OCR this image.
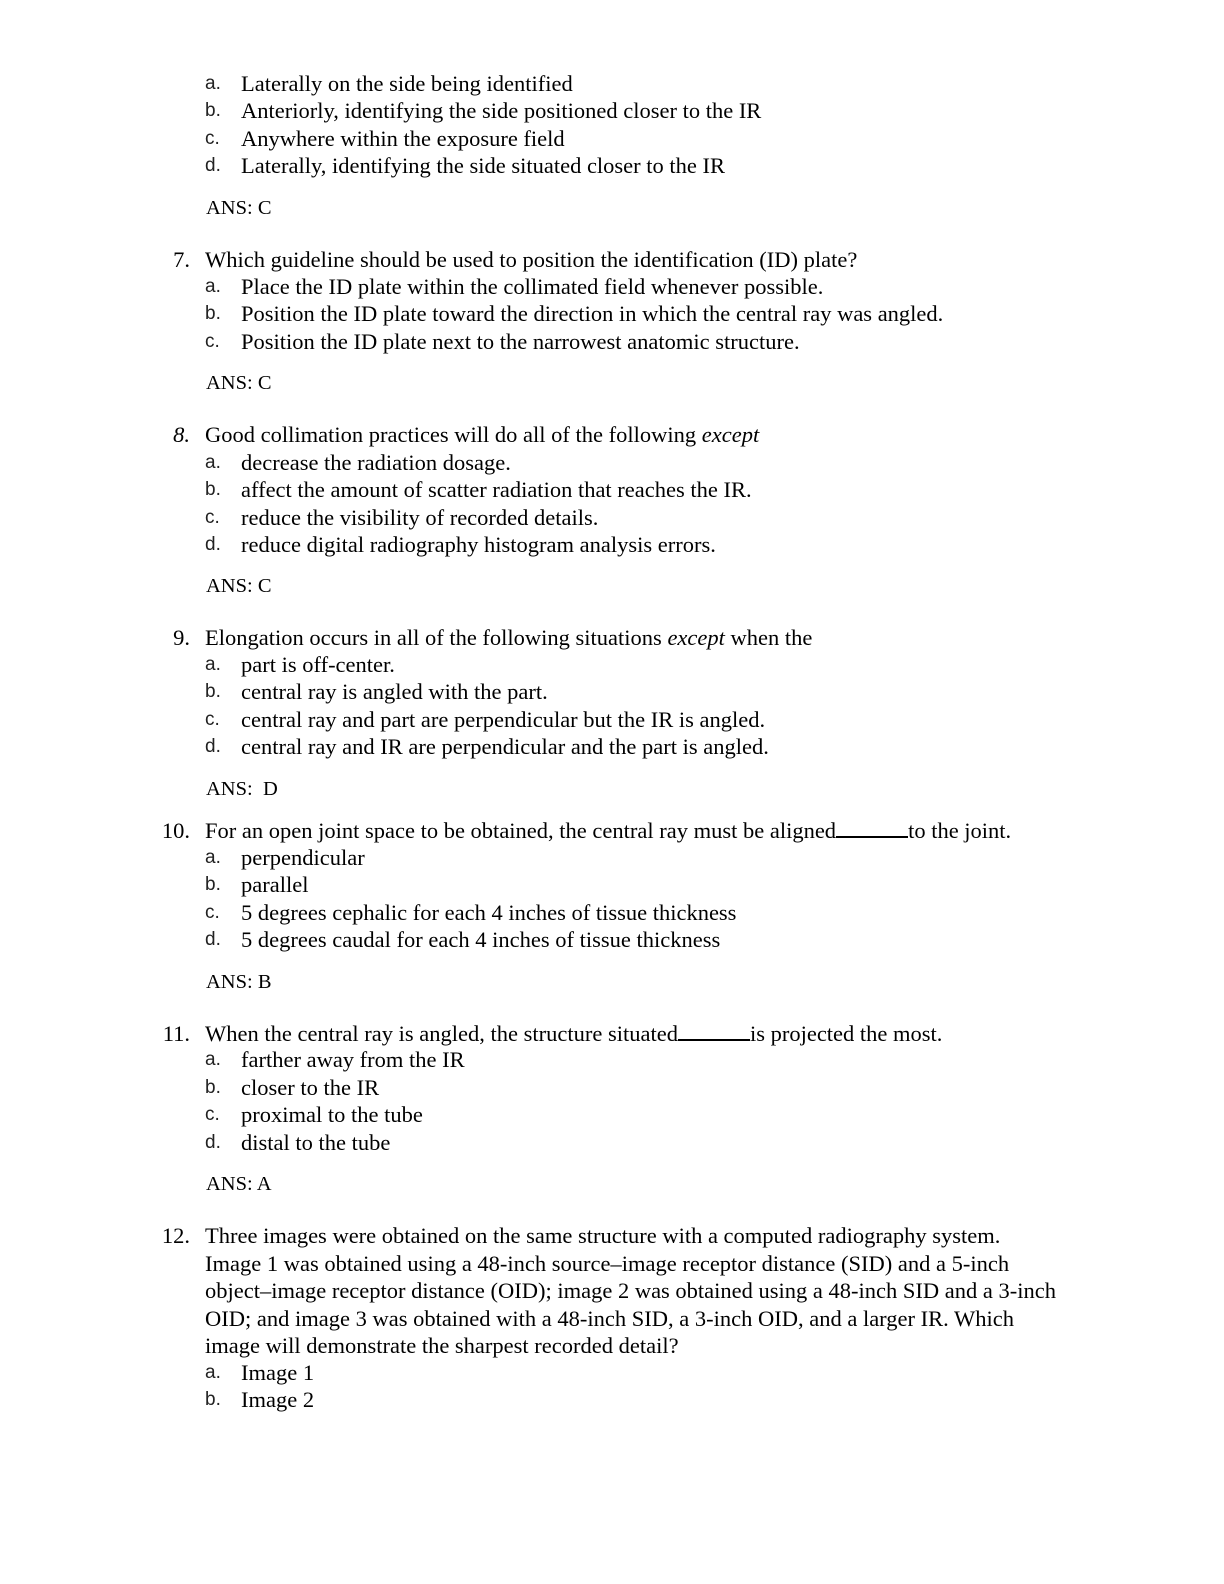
a. Laterally on the side being identified
b. Anteriorly, identifying the side positioned closer to the IR
c. Anywhere within the exposure field
d. Laterally, identifying the side situated closer to the IR
ANS: C
7. Which guideline should be used to position the identification (ID) plate?
a. Place the ID plate within the collimated field whenever possible.
b. Position the ID plate toward the direction in which the central ray was angled.
c. Position the ID plate next to the narrowest anatomic structure.
ANS: C
8. Good collimation practices will do all of the following except
a. decrease the radiation dosage.
b. affect the amount of scatter radiation that reaches the IR.
c. reduce the visibility of recorded details.
d. reduce digital radiography histogram analysis errors.
ANS: C
9. Elongation occurs in all of the following situations except when the
a. part is off-center.
b. central ray is angled with the part.
c. central ray and part are perpendicular but the IR is angled.
d. central ray and IR are perpendicular and the part is angled.
ANS:  D
10. For an open joint space to be obtained, the central ray must be aligned	to the joint.
a. perpendicular
b. parallel
c. 5 degrees cephalic for each 4 inches of tissue thickness
d. 5 degrees caudal for each 4 inches of tissue thickness
ANS: B
11. When the central ray is angled, the structure situated	is projected the most.
a. farther away from the IR
b. closer to the IR
c. proximal to the tube
d. distal to the tube
ANS: A
12. Three images were obtained on the same structure with a computed radiography system.
Image 1 was obtained using a 48-inch source–image receptor distance (SID) and a 5-inch
object–image receptor distance (OID); image 2 was obtained using a 48-inch SID and a 3-inch
OID; and image 3 was obtained with a 48-inch SID, a 3-inch OID, and a larger IR. Which
image will demonstrate the sharpest recorded detail?
a. Image 1
b. Image 2
